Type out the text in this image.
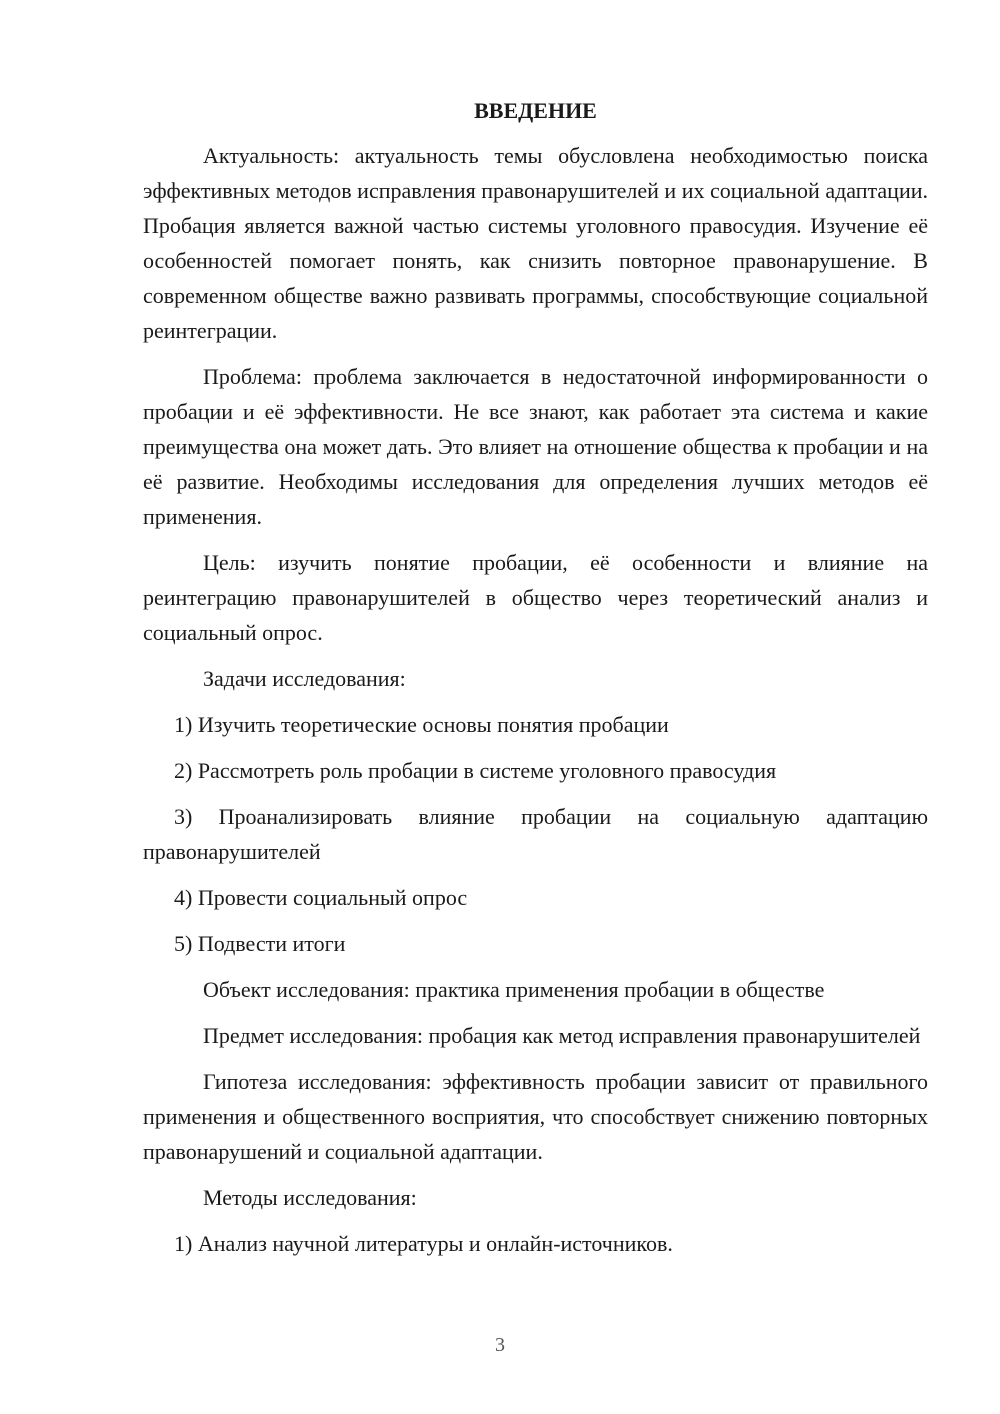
ВВЕДЕНИЕ

Актуальность: актуальность темы обусловлена необходимостью поиска эффективных методов исправления правонарушителей и их социальной адаптации. Пробация является важной частью системы уголовного правосудия. Изучение её особенностей помогает понять, как снизить повторное правонарушение. В современном обществе важно развивать программы, способствующие социальной реинтеграции.

Проблема: проблема заключается в недостаточной информированности о пробации и её эффективности. Не все знают, как работает эта система и какие преимущества она может дать. Это влияет на отношение общества к пробации и на её развитие. Необходимы исследования для определения лучших методов её применения.

Цель: изучить понятие пробации, её особенности и влияние на реинтеграцию правонарушителей в общество через теоретический анализ и социальный опрос.

Задачи исследования:

1) Изучить теоретические основы понятия пробации

2) Рассмотреть роль пробации в системе уголовного правосудия

3) Проанализировать влияние пробации на социальную адаптацию правонарушителей

4) Провести социальный опрос

5) Подвести итоги

Объект исследования: практика применения пробации в обществе

Предмет исследования: пробация как метод исправления правонарушителей

Гипотеза исследования: эффективность пробации зависит от правильного применения и общественного восприятия, что способствует снижению повторных правонарушений и социальной адаптации.

Методы исследования:

1) Анализ научной литературы и онлайн-источников.

3
